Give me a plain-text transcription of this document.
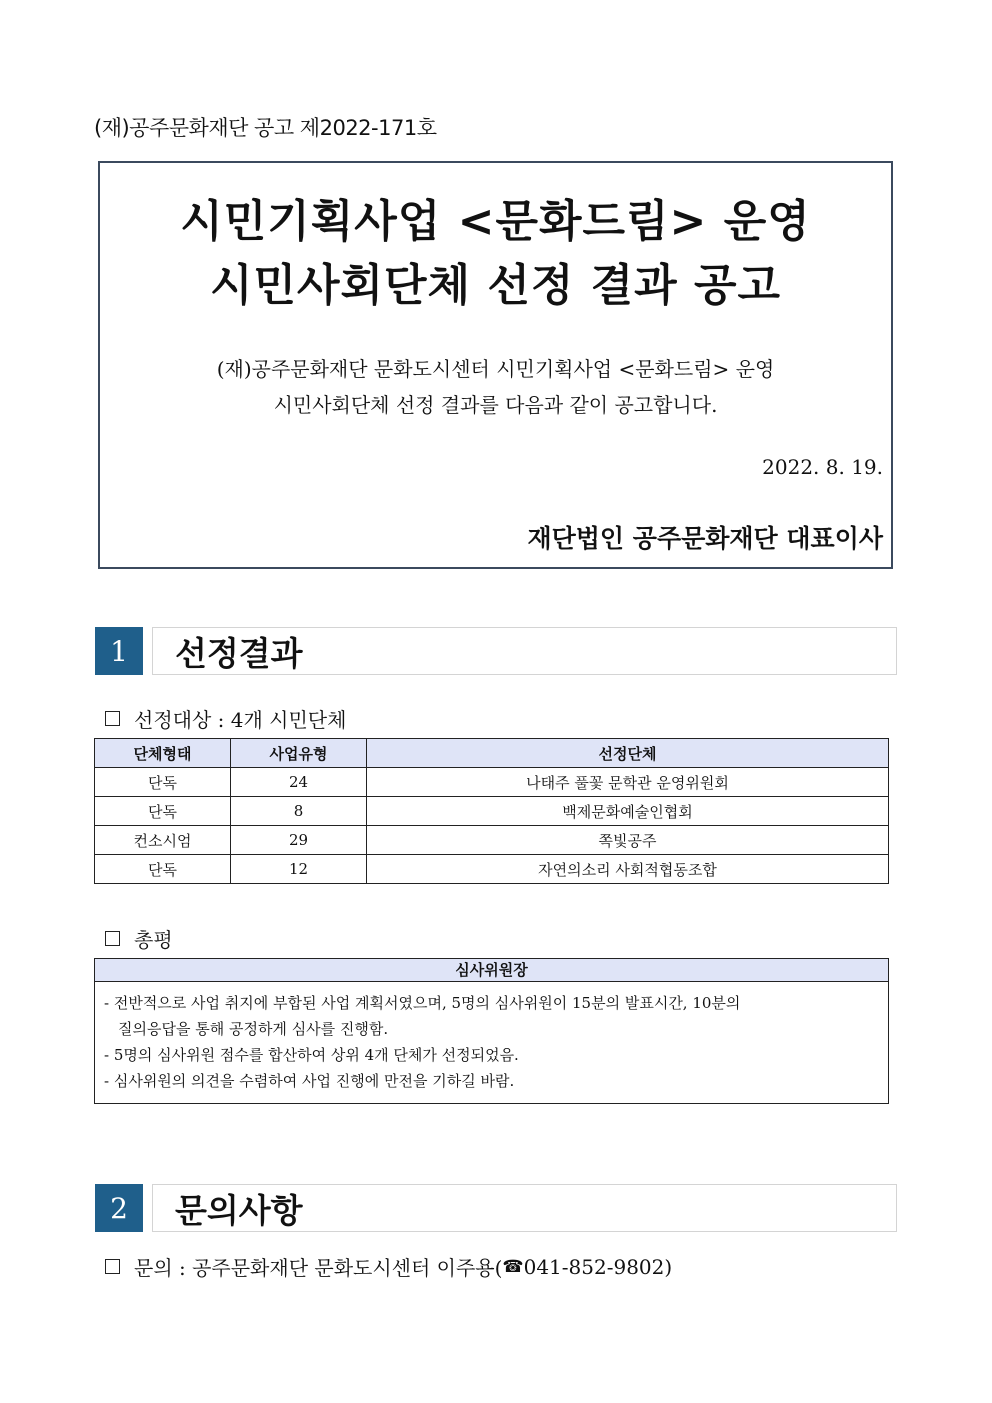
(재)공주문화재단 공고 제2022-171호
시민기획사업 <문화드림> 운영
시민사회단체 선정 결과 공고
(재)공주문화재단 문화도시센터 시민기획사업 <문화드림> 운영
시민사회단체 선정 결과를 다음과 같이 공고합니다.
2022. 8. 19.
재단법인 공주문화재단 대표이사
1	선정결과
선정대상 : 4개 시민단체
단체형태	사업유형	선정단체
단독	24	나태주 풀꽃 문학관 운영위원회
단독	8	백제문화예술인협회
컨소시엄	29	쪽빛공주
단독	12	자연의소리 사회적협동조합
총평
심사위원장
- 전반적으로 사업 취지에 부합된 사업 계획서였으며, 5명의 심사위원이 15분의 발표시간, 10분의
질의응답을 통해 공정하게 심사를 진행함.
- 5명의 심사위원 점수를 합산하여 상위 4개 단체가 선정되었음.
- 심사위원의 의견을 수렴하여 사업 진행에 만전을 기하길 바람.
2	문의사항
문의 : 공주문화재단 문화도시센터 이주용( ☎ 041-852-9802)
